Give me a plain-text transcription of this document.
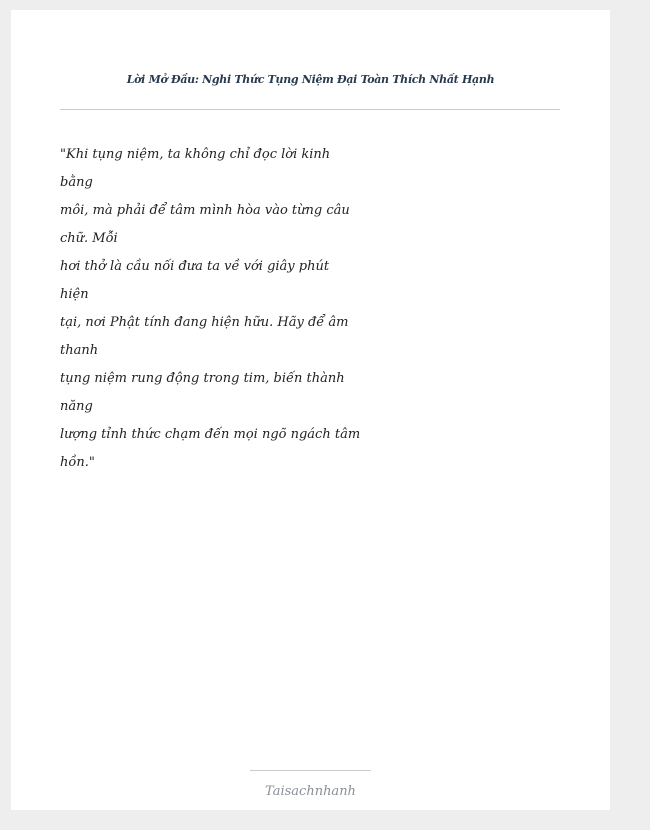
Lời Mở Đầu: Nghi Thức Tụng Niệm Đại Toàn Thích Nhất Hạnh
"Khi tụng niệm, ta không chỉ đọc lời kinh
bằng
môi, mà phải để tâm mình hòa vào từng câu
chữ. Mỗi
hơi thở là cầu nối đưa ta về với giây phút
hiện
tại, nơi Phật tính đang hiện hữu. Hãy để âm
thanh
tụng niệm rung động trong tim, biến thành
năng
lượng tỉnh thức chạm đến mọi ngõ ngách tâm
hồn."
Taisachnhanh
